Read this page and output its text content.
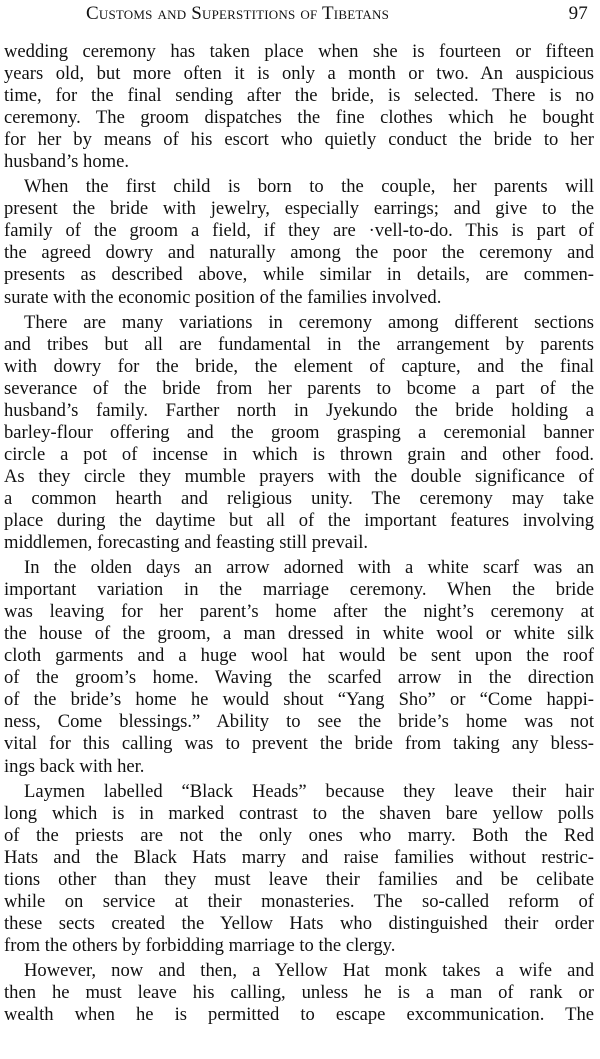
Customs and Superstitions of Tibetans	97

wedding ceremony has taken place when she is fourteen or fifteen
years old, but more often it is only a month or two. An auspicious
time, for the final sending after the bride, is selected. There is no
ceremony. The groom dispatches the fine clothes which he bought
for her by means of his escort who quietly conduct the bride to her
husband’s home.

When the first child is born to the couple, her parents will
present the bride with jewelry, especially earrings; and give to the
family of the groom a field, if they are ·vell-to-do. This is part of
the agreed dowry and naturally among the poor the ceremony and
presents as described above, while similar in details, are commen-
surate with the economic position of the families involved.

There are many variations in ceremony among different sections
and tribes but all are fundamental in the arrangement by parents
with dowry for the bride, the element of capture, and the final
severance of the bride from her parents to bcome a part of the
husband’s family. Farther north in Jyekundo the bride holding a
barley-flour offering and the groom grasping a ceremonial banner
circle a pot of incense in which is thrown grain and other food.
As they circle they mumble prayers with the double significance of
a common hearth and religious unity. The ceremony may take
place during the daytime but all of the important features involving
middlemen, forecasting and feasting still prevail.

In the olden days an arrow adorned with a white scarf was an
important variation in the marriage ceremony. When the bride
was leaving for her parent’s home after the night’s ceremony at
the house of the groom, a man dressed in white wool or white silk
cloth garments and a huge wool hat would be sent upon the roof
of the groom’s home. Waving the scarfed arrow in the direction
of the bride’s home he would shout “Yang Sho” or “Come happi-
ness, Come blessings.” Ability to see the bride’s home was not
vital for this calling was to prevent the bride from taking any bless-
ings back with her.

Laymen labelled “Black Heads” because they leave their hair
long which is in marked contrast to the shaven bare yellow polls
of the priests are not the only ones who marry. Both the Red
Hats and the Black Hats marry and raise families without restric-
tions other than they must leave their families and be celibate
while on service at their monasteries. The so-called reform of
these sects created the Yellow Hats who distinguished their order
from the others by forbidding marriage to the clergy.

However, now and then, a Yellow Hat monk takes a wife and
then he must leave his calling, unless he is a man of rank or
wealth when he is permitted to escape excommunication. The
